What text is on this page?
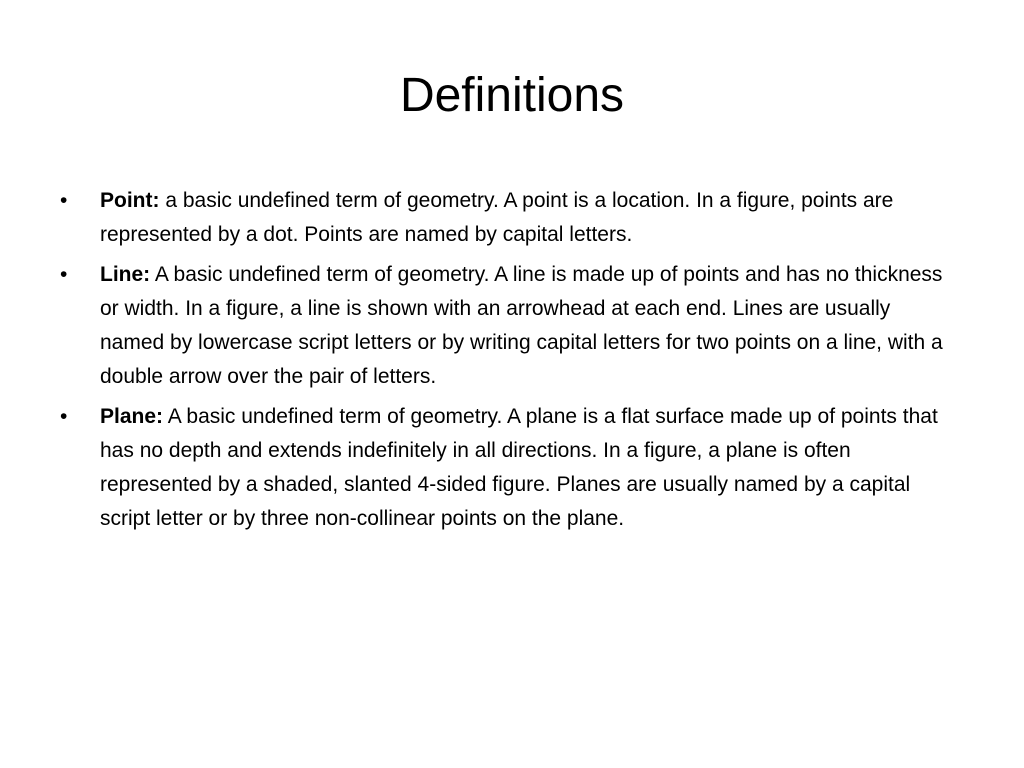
Definitions
• Point: a basic undefined term of geometry. A point is a location. In a figure, points are represented by a dot. Points are named by capital letters.
• Line: A basic undefined term of geometry. A line is made up of points and has no thickness or width. In a figure, a line is shown with an arrowhead at each end. Lines are usually named by lowercase script letters or by writing capital letters for two points on a line, with a double arrow over the pair of letters.
• Plane: A basic undefined term of geometry. A plane is a flat surface made up of points that has no depth and extends indefinitely in all directions. In a figure, a plane is often represented by a shaded, slanted 4-sided figure. Planes are usually named by a capital script letter or by three non-collinear points on the plane.
